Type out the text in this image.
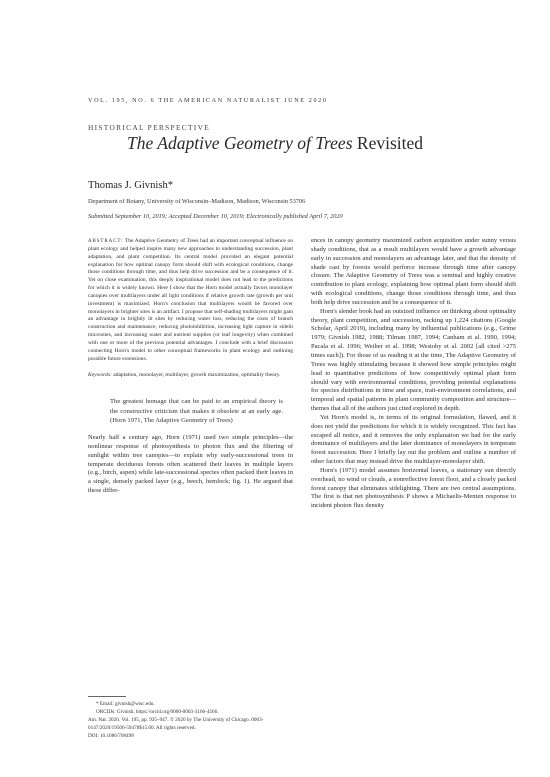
VOL. 195, NO. 6 THE AMERICAN NATURALIST JUNE 2020
HISTORICAL PERSPECTIVE
The Adaptive Geometry of Trees Revisited
Thomas J. Givnish*
Department of Botany, University of Wisconsin–Madison, Madison, Wisconsin 53706
Submitted September 10, 2019; Accepted December 10, 2019; Electronically published April 7, 2020
ABSTRACT: The Adaptive Geometry of Trees had an important conceptual influence on plant ecology and helped inspire many new approaches to understanding succession, plant adaptation, and plant competition. Its central model provided an elegant potential explanation for how optimal canopy form should shift with ecological conditions, change those conditions through time, and thus help drive succession and be a consequence of it. Yet on close examination, this deeply inspirational model does not lead to the predictions for which it is widely known. Here I show that the Horn model actually favors monolayer canopies over multilayers under all light conditions if relative growth rate (growth per unit investment) is maximized. Horn's conclusion that multilayers would be favored over monolayers in brighter sites is an artifact. I propose that self-shading multilayers might gain an advantage in brightly lit sites by reducing water loss, reducing the costs of branch construction and maintenance, reducing photoinhibition, increasing light capture in sidelit microsites, and increasing water and nutrient supplies (or leaf longevity) when combined with one or more of the previous potential advantages. I conclude with a brief discussion connecting Horn's model to other conceptual frameworks in plant ecology and outlining possible future extensions.
Keywords: adaptation, monolayer, multilayer, growth maximization, optimality theory.
The greatest homage that can be paid to an empirical theory is the constructive criticism that makes it obsolete at an early age. (Horn 1971, The Adaptive Geometry of Trees)
Nearly half a century ago, Horn (1971) used two simple principles—the nonlinear response of photosynthesis to photon flux and the filtering of sunlight within tree canopies—to explain why early-successional trees in temperate deciduous forests often scattered their leaves in multiple layers (e.g., birch, aspen) while late-successional species often packed their leaves in a single, densely packed layer (e.g., beech, hemlock; fig. 1). He argued that these differ-
* Email: givnish@wisc.edu.
ORCIDs: Givnish, https://orcid.org/0000-0003-3166-4566.
Am. Nat. 2020. Vol. 195, pp. 935–947. © 2020 by The University of Chicago. 0003-0147/2020/19506-59478$15.00. All rights reserved.
DOI: 10.1086/708498

ences in canopy geometry maximized carbon acquisition under sunny versus shady conditions, that as a result multilayers would have a growth advantage early in succession and monolayers an advantage later, and that the density of shade cast by forests would perforce increase through time after canopy closure. The Adaptive Geometry of Trees was a seminal and highly creative contribution to plant ecology, explaining how optimal plant form should shift with ecological conditions, change those conditions through time, and thus both help drive succession and be a consequence of it.

Horn's slender book had an outsized influence on thinking about optimality theory, plant competition, and succession, racking up 1,224 citations (Google Scholar, April 2019), including many by influential publications (e.g., Grime 1979; Givnish 1982, 1988; Tilman 1987, 1994; Canham et al. 1990, 1994; Pacala et al. 1996; Weiher et al. 1998; Westoby et al. 2002 [all cited >275 times each]). For those of us reading it at the time, The Adaptive Geometry of Trees was highly stimulating because it showed how simple principles might lead to quantitative predictions of how competitively optimal plant form should vary with environmental conditions, providing potential explanations for species distributions in time and space, trait-environment correlations, and temporal and spatial patterns in plant community composition and structure—themes that all of the authors just cited explored in depth.

Yet Horn's model is, in terms of its original formulation, flawed, and it does not yield the predictions for which it is widely recognized. This fact has escaped all notice, and it removes the only explanation we had for the early dominance of multilayers and the later dominance of monolayers in temperate forest succession. Here I briefly lay out the problem and outline a number of other factors that may instead drive the multilayer-monolayer shift.

Horn's (1971) model assumes horizontal leaves, a stationary sun directly overhead, no wind or clouds, a nonreflective forest floor, and a closely packed forest canopy that eliminates sidelighting. There are two central assumptions. The first is that net photosynthesis P shows a Michaelis-Menten response to incident photon flux density
